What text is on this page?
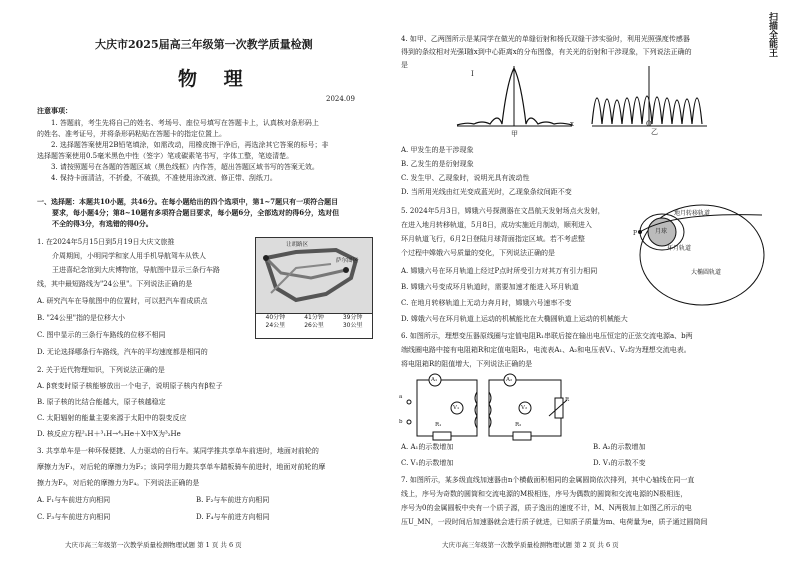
大庆市2025届高三年级第一次教学质量检测
物 理
2024.09
注意事项：
1. 答题前，考生先将自己的姓名、考场号、座位号填写在答题卡上，认真核对条形码上
的姓名、准考证号，并将条形码粘贴在答题卡的指定位置上。
2. 选择题答案使用2B铅笔填涂，如需改动，用橡皮擦干净后，再选涂其它答案的标号；非
选择题答案使用0.5毫米黑色中性（签字）笔或碳素笔书写，字体工整，笔迹清楚。
3. 请按照题号在各题的答题区域（黑色线框）内作答，超出答题区域书写的答案无效。
4. 保持卡面清洁，不折叠，不破损，不准使用涂改液、修正带、刮纸刀。
一、选择题：本题共10小题，共46分。在每小题给出的四个选项中，第1~7题只有一项符合题目
要求，每小题4分；第8~10题有多项符合题目要求，每小题6分，全部选对的得6分，选对但
不全的得3分，有选错的得0分。
1. 在2024年5月15日到5月19日大庆文旅推
介周期间，小明同学和家人用手机导航驾车从铁人
王进喜纪念馆到大庆博物馆，导航图中显示三条行车路
线，其中最短路线为"24公里"。下列说法正确的是
A. 研究汽车在导航图中的位置时，可以把汽车看成质点
B. "24公里"指的是位移大小
C. 图中显示的三条行车路线的位移不相同
D. 无论选择哪条行车路线，汽车的平均速度都是相同的
让胡路区
萨尔图区
40分钟
24公里
41分钟
26公里
39分钟
30公里
2. 关于近代物理知识，下列说法正确的是
A. β衰变时原子核能够放出一个电子，说明原子核内有β粒子
B. 原子核的比结合能越大，原子核越稳定
C. 太阳辐射的能量主要来源于太阳中的裂变反应
D. 核反应方程²₁H＋³₁H→⁴₂He＋X中X为³₂He
3. 共享单车是一种环保便捷、人力驱动的自行车。某同学推共享单车前进时，地面对前轮的
摩擦力为F₁，对后轮的摩擦力为F₂；该同学用力蹬共享单车踏板骑车前进时，地面对前轮的摩
擦力为F₃，对后轮的摩擦力为F₄。下列说法正确的是
A. F₁与车前进方向相同	B. F₂与车前进方向相同
C. F₃与车前进方向相同	D. F₄与车前进方向相同
大庆市高三年级第一次教学质量检测物理试题 第 1 页 共 6 页
4. 如甲、乙两图所示是某同学在做光的单缝衍射和杨氏双缝干涉实验时，利用光照强度传感器
得到的条纹相对光强I随x到中心距离x的分布图像，有关光的衍射和干涉现象，下列说法正确的
是
I
x
甲	乙
O
A. 甲发生的是干涉现象
B. 乙发生的是衍射现象
C. 发生甲、乙现象时，说明光具有波动性
D. 当所用光线由红光变成蓝光时，乙现象条纹间距不变
5. 2024年5月3日，嫦娥六号探测器在文昌航天发射场点火发射，
在进入地月转移轨道，5月8日，成功实施近月制动，顺利进入
环月轨道飞行，6月2日登陆月球背面指定区域。若不考虑整
个过程中嫦娥六号质量的变化，下列说法正确的是
地月转移轨道
月球
环月轨道
大椭圆轨道
P
A. 嫦娥六号在环月轨道上经过P点时所受引力对其万有引力相同
B. 嫦娥六号变成环月轨道时，需要加速才能进入环月轨道
C. 在地月转移轨道上无动力奔月时，嫦娥六号速率不变
D. 嫦娥六号在环月轨道上运动的机械能比在大椭圆轨道上运动的机械能大
6. 如图所示，理想变压器原线圈与定值电阻R₁串联后接在输出电压恒定的正弦交流电源a、b两
端线圈电路中接有电阻箱R和定值电阻R₂，电流表A₁、A₂和电压表V₁、V₂均为理想交流电表。
将电阻箱R的阻值增大，下列说法正确的是
A₁	A₂
V₁	V₂
R₁	R₂
R
a
b
A. A₁的示数增加	B. A₂的示数增加
C. V₁的示数增加	D. V₁的示数不变
7. 如图所示，某多级直线加速器由n个横截面积相同的金属圆筒依次排列，其中心轴线在同一直
线上，序号为奇数的圆筒和交流电源的M极相连，序号为偶数的圆筒和交流电源的N极相连，
序号为0的金属圆板中央有一个质子源，质子逸出的速度不计，M、N两极加上如图乙所示的电
压U_MN，一段时间后加速器就会进行质子就进，已知质子质量为m、电荷量为e，质子通过圆筒间
大庆市高三年级第一次教学质量检测物理试题 第 2 页 共 6 页
扫描全能王
